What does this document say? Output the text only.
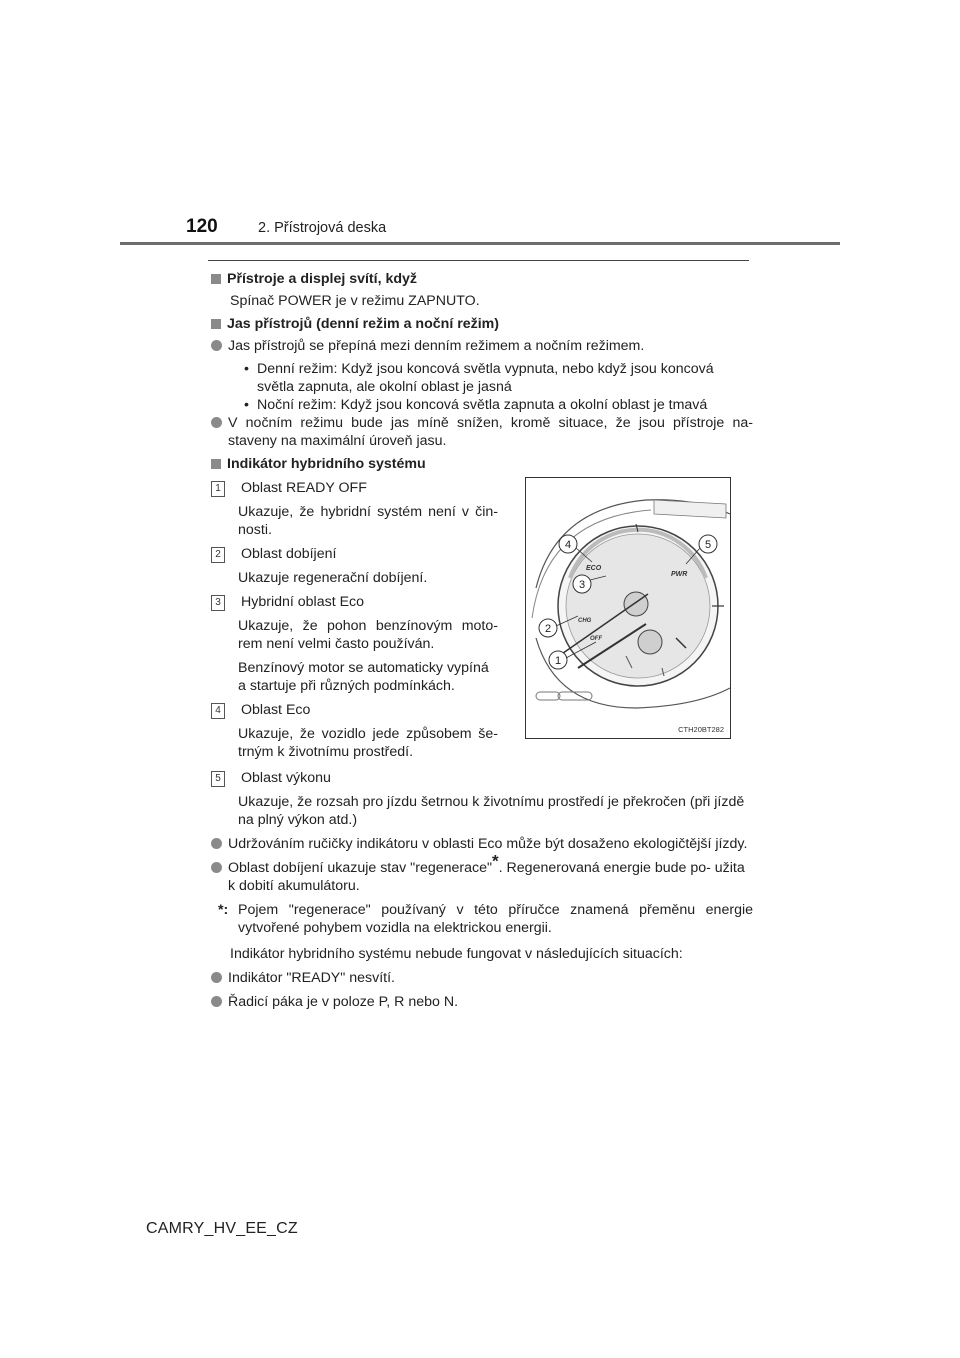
120	2. Přístrojová deska
Přístroje a displej svítí, když

Spínač POWER je v režimu ZAPNUTO.

Jas přístrojů (denní režim a noční režim)
Jas přístrojů se přepíná mezi denním režimem a nočním režimem.
• Denní režim: Když jsou koncová světla vypnuta, nebo když jsou koncová světla zapnuta, ale okolní oblast je jasná
• Noční režim: Když jsou koncová světla zapnuta a okolní oblast je tmavá
V nočním režimu bude jas míně snížen, kromě situace, že jsou přístroje na- staveny na maximální úroveň jasu.
Indikátor hybridního systému
1 Oblast READY OFF

Ukazuje, že hybridní systém není v čin- nosti.

2 Oblast dobíjení

Ukazuje regenerační dobíjení.

3 Hybridní oblast Eco

Ukazuje, že pohon benzínovým moto- rem není velmi často používán.

Benzínový motor se automaticky vypíná a startuje při různých podmínkách.

4 Oblast Eco

Ukazuje, že vozidlo jede způsobem še- trným k životnímu prostředí.

5 Oblast výkonu

Ukazuje, že rozsah pro jízdu šetrnou k životnímu prostředí je překročen (při jízdě na plný výkon atd.)

Udržováním ručičky indikátoru v oblasti Eco může být dosaženo ekologičtější jízdy.
Oblast dobíjení ukazuje stav "regenerace"*. Regenerovaná energie bude po- užita k dobití akumulátoru.
*: Pojem "regenerace" používaný v této příručce znamená přeměnu energie vytvořené pohybem vozidla na elektrickou energii.

Indikátor hybridního systému nebude fungovat v následujících situacích:

Indikátor "READY" nesvítí.
Řadicí páka je v poloze P, R nebo N.
ECO
PWR
CHG
OFF
1
2
3
4	5
CTH20BT282
CAMRY_HV_EE_CZ
